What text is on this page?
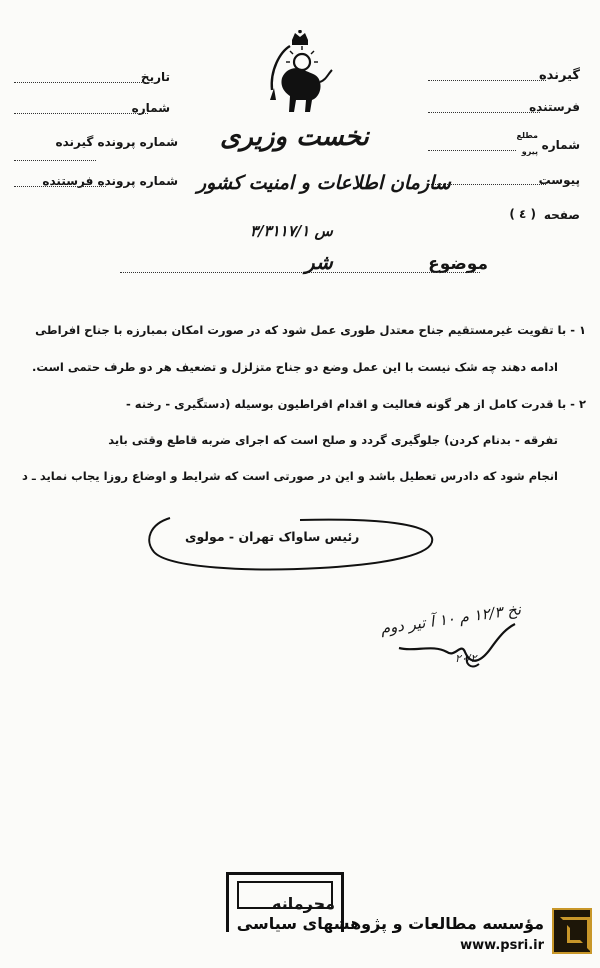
تاریخ
شماره
شماره پرونده گیرنده
شماره پرونده فرستنده
گیرنده
فرستنده
شماره
مطلع
پیرو
پیوست
صفحه
( ٤ )
نخست وزیری
سازمان اطلاعات و امنیت کشور
س ۳/۳۱۱۷/۱
موضوع
شر
۱ - با تقویت غیرمستقیم جناح معتدل طوری عمل شود که در صورت امکان بمبارزه با جناح افراطی
ادامه دهند چه شک نیست با این عمل وضع دو جناح متزلزل و تضعیف هر دو طرف حتمی است.
۲ - با قدرت کامل از هر گونه فعالیت و اقدام افراطیون بوسیله (دستگیری - رخنه -
تفرقه - بدنام کردن) جلوگیری گردد و صلح است که اجرای ضربه قاطع وقتی باید
انجام شود که دادرس تعطیل باشد و این در صورتی است که شرایط و اوضاع روزا یجاب نماید ـ د
رئیس ساواک تهران - مولوی
نخ ۱۲/۳ م ۱۰ آ تیر دوم
۲۰/۲۰
محرمانه
مؤسسه مطالعات و پژوهشهای سیاسی
www.psri.ir
